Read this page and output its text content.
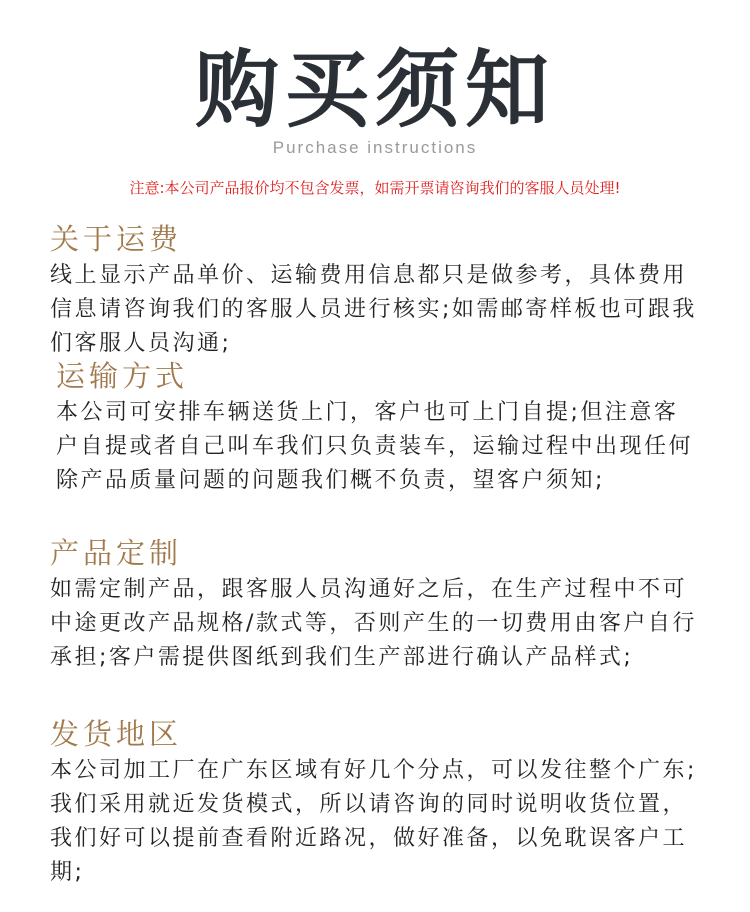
购买须知
Purchase instructions
注意:本公司产品报价均不包含发票，如需开票请咨询我们的客服人员处理!
关于运费
线上显示产品单价、运输费用信息都只是做参考，具体费用信息请咨询我们的客服人员进行核实;如需邮寄样板也可跟我们客服人员沟通;
运输方式
本公司可安排车辆送货上门，客户也可上门自提;但注意客户自提或者自己叫车我们只负责装车，运输过程中出现任何除产品质量问题的问题我们概不负责，望客户须知;
产品定制
如需定制产品，跟客服人员沟通好之后，在生产过程中不可中途更改产品规格/款式等，否则产生的一切费用由客户自行承担;客户需提供图纸到我们生产部进行确认产品样式;
发货地区
本公司加工厂在广东区域有好几个分点，可以发往整个广东;我们采用就近发货模式，所以请咨询的同时说明收货位置，我们好可以提前查看附近路况，做好准备，以免耽误客户工期;
